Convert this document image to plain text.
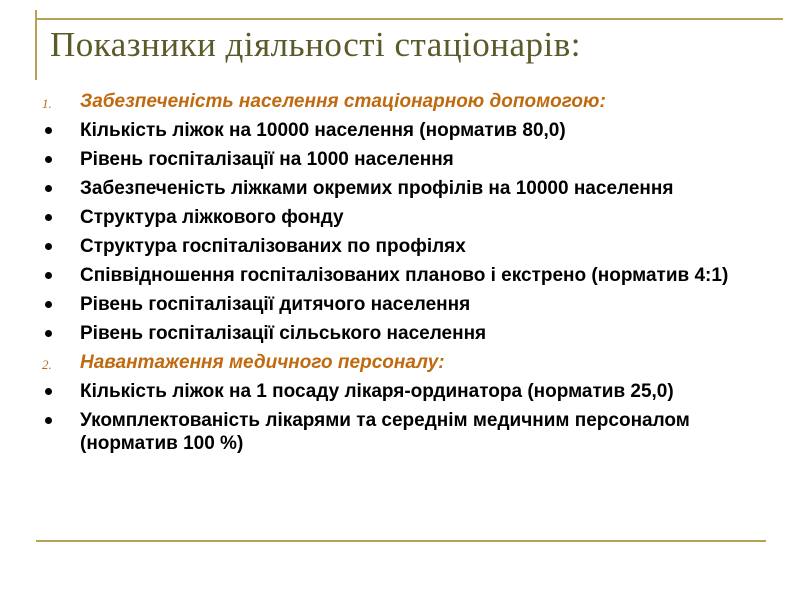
Показники діяльності стаціонарів:
1. Забезпеченість населення стаціонарною допомогою:
Кількість ліжок на 10000 населення (норматив 80,0)
Рівень госпіталізації на 1000 населення
Забезпеченість ліжками окремих профілів на 10000 населення
Структура ліжкового фонду
Структура госпіталізованих по профілях
Співвідношення госпіталізованих планово і екстрено (норматив 4:1)
Рівень госпіталізації дитячого населення
Рівень госпіталізації сільського населення
2. Навантаження медичного персоналу:
Кількість ліжок на 1 посаду лікаря-ординатора (норматив 25,0)
Укомплектованість лікарями та середнім медичним персоналом (норматив 100 %)
